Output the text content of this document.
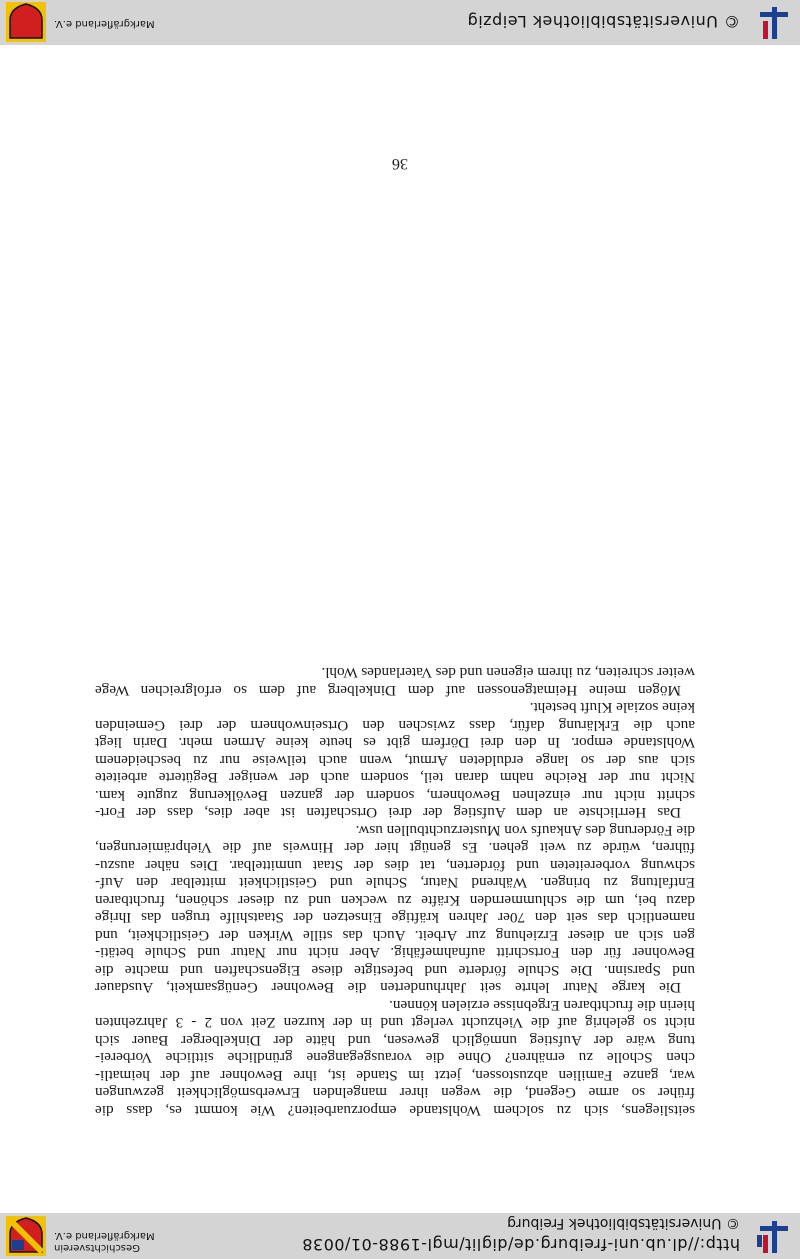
http://dl.ub.uni-freiburg.de/diglit/mgl-1988-01/0038
© Universitätsbibliothek Freiburg
Geschichtsverein
Markgräflerland e.V.
seitsliegens, sich zu solchem Wohlstande emporzuarbeiten? Wie kommt es, dass die
früher so arme Gegend, die wegen ihrer mangelnden Erwerbsmöglichkeit gezwungen
war, ganze Familien abzustossen, jetzt im Stande ist, ihre Bewohner auf der heimatli-
chen Scholle zu ernähren? Ohne die vorausgegangene gründliche sittliche Vorberei-
tung wäre der Aufstieg unmöglich gewesen, und hätte der Dinkelberger Bauer sich
nicht so gelehrig auf die Viehzucht verlegt und in der kurzen Zeit von 2 - 3 Jahrzehnten
hierin die fruchtbaren Ergebnisse erzielen können.
Die karge Natur lehrte seit Jahrhunderten die Bewohner Genügsamkeit, Ausdauer
und Sparsinn. Die Schule förderte und befestigte diese Eigenschaften und machte die
Bewohner für den Fortschritt aufnahmefähig. Aber nicht nur Natur und Schule betäti-
gen sich an dieser Erziehung zur Arbeit. Auch das stille Wirken der Geistlichkeit, und
namentlich das seit den 70er Jahren kräftige Einsetzen der Staatshilfe trugen das Ihrige
dazu bei, um die schlummernden Kräfte zu wecken und zu dieser schönen, fruchtbaren
Entfaltung zu bringen. Während Natur, Schule und Geistlichkeit mittelbar den Auf-
schwung vorbereiteten und förderten, tat dies der Staat unmittelbar. Dies näher auszu-
führen, würde zu weit gehen. Es genügt hier der Hinweis auf die Viehprämierungen,
die Förderung des Ankaufs von Musterzuchtbullen usw.
Das Herrlichste an dem Aufstieg der drei Ortschaften ist aber dies, dass der Fort-
schritt nicht nur einzelnen Bewohnern, sondern der ganzen Bevölkerung zugute kam.
Nicht nur der Reiche nahm daran teil, sondern auch der weniger Begüterte arbeitete
sich aus der so lange erduldeten Armut, wenn auch teilweise nur zu bescheidenem
Wohlstande empor. In den drei Dörfern gibt es heute keine Armen mehr. Darin liegt
auch die Erklärung dafür, dass zwischen den Ortseinwohnern der drei Gemeinden
keine soziale Kluft besteht.
Mögen meine Heimatgenossen auf dem Dinkelberg auf dem so erfolgreichen Wege
weiter schreiten, zu ihrem eigenen und des Vaterlandes Wohl.
36
© Universitätsbibliothek Leipzig
Markgräflerland e.V.
